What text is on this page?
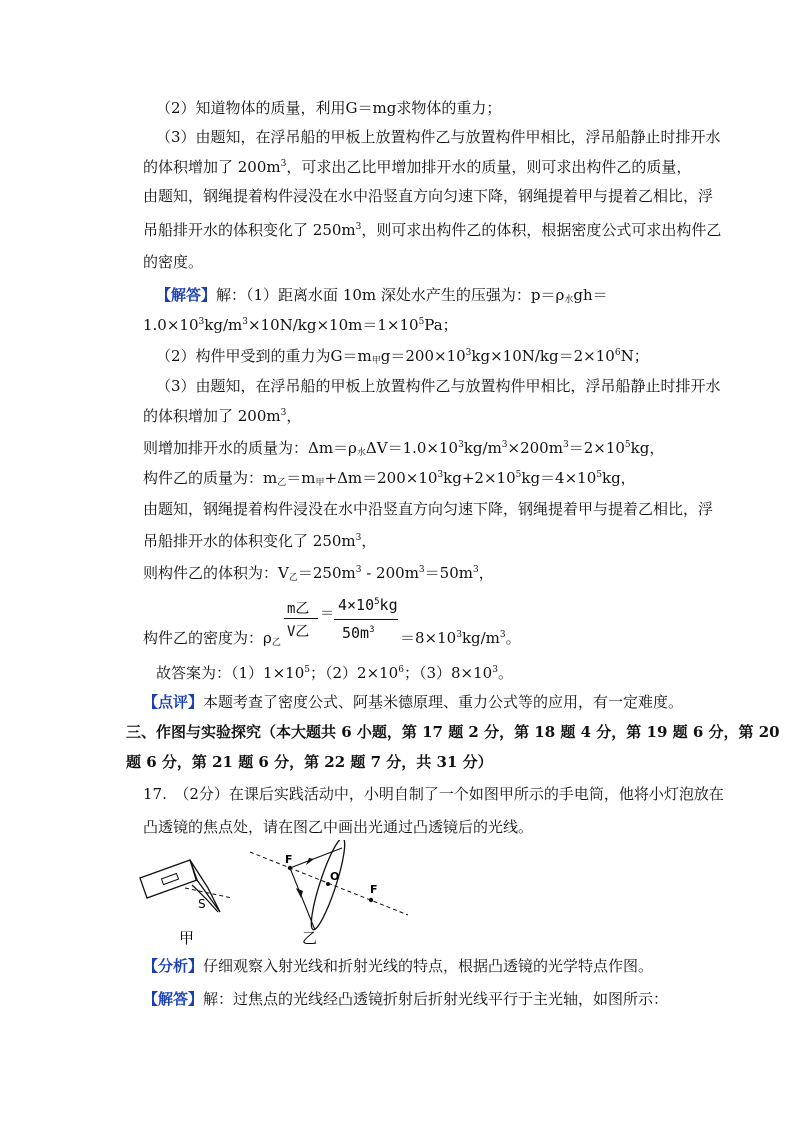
（2）知道物体的质量，利用G＝mg求物体的重力；
（3）由题知，在浮吊船的甲板上放置构件乙与放置构件甲相比，浮吊船静止时排开水
的体积增加了 $200m^3$，可求出乙比甲增加排开水的质量，则可求出构件乙的质量，
由题知，钢绳提着构件浸没在水中沿竖直方向匀速下降，钢绳提着甲与提着乙相比，浮
吊船排开水的体积变化了 $250m^3$，则可求出构件乙的体积，根据密度公式可求出构件乙
的密度。
【解答】解：（1）距离水面 10m 深处水产生的压强为：$p=\rho_水gh=$
$1.0\times 10^3kg/m^3\times 10N/kg\times 10m=1\times 10^5Pa$；
（2）构件甲受到的重力为$G=m_甲g=200\times 10^3kg\times 10N/kg=2\times 10^6N$；
（3）由题知，在浮吊船的甲板上放置构件乙与放置构件甲相比，浮吊船静止时排开水
的体积增加了 $200m^3$，
则增加排开水的质量为：$\Delta m=\rho_水\Delta V=1.0\times 10^3kg/m^3\times 200m^3=2\times 10^5kg$，
构件乙的质量为：$m_乙=m_甲+\Delta m=200\times 10^3kg+2\times 10^5kg=4\times 10^5kg$，
由题知，钢绳提着构件浸没在水中沿竖直方向匀速下降，钢绳提着甲与提着乙相比，浮
吊船排开水的体积变化了 $250m^3$，
则构件乙的体积为：$V_乙=250m^3 - 200m^3=50m^3$，
构件乙的密度为：$\rho_乙$
m乙
V乙
＝ $4\times 10^5kg$
$50m^3 =8\times 10^3kg/m^3$。
故答案为：$(1)1\times 10^5$；$(2)2\times 10^6$；$(3)8\times 10^3$。
【点评】本题考查了密度公式、阿基米德原理、重力公式等的应用，有一定难度。
三、作图与实验探究（本大题共 6 小题，第 17 题 2 分，第 18 题 4 分，第 19 题 6 分，第 20
题 6 分，第 21 题 6 分，第 22 题 7 分，共 31 分）
17.　（2分）在课后实践活动中，小明自制了一个如图甲所示的手电筒，他将小灯泡放在
凸透镜的焦点处，请在图乙中画出光通过凸透镜后的光线。
S
甲
F
F
O
乙
【分析】仔细观察入射光线和折射光线的特点，根据凸透镜的光学特点作图。
【解答】解：过焦点的光线经凸透镜折射后折射光线平行于主光轴，如图所示：
